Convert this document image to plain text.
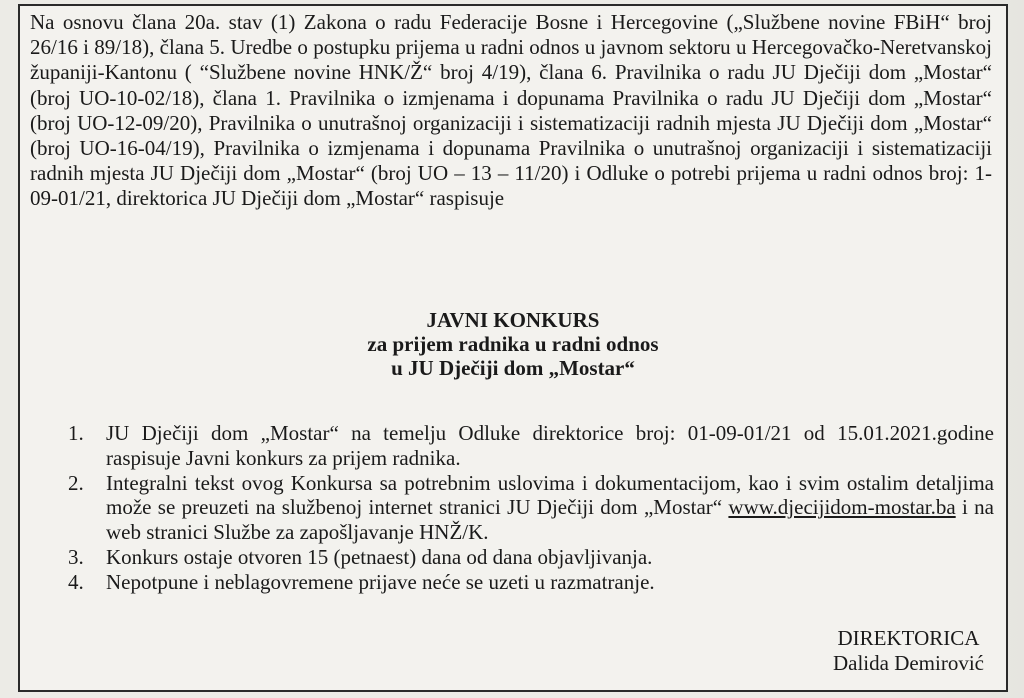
Na osnovu člana 20a. stav (1) Zakona o radu Federacije Bosne i Hercegovine („Službene novine FBiH“ broj 26/16 i 89/18), člana 5. Uredbe o postupku prijema u radni odnos u javnom sektoru u Hercegovačko-Neretvanskoj županiji-Kantonu ( “Službene novine HNK/Ž“ broj 4/19), člana 6. Pravilnika o radu JU Dječiji dom „Mostar“ (broj UO-10-02/18), člana 1. Pravilnika o izmjenama i dopunama Pravilnika o radu JU Dječiji dom „Mostar“ (broj UO-12-09/20), Pravilnika o unutrašnoj organizaciji i sistematizaciji radnih mjesta JU Dječiji dom „Mostar“ (broj UO-16-04/19), Pravilnika o izmjenama i dopunama Pravilnika o unutrašnoj organizaciji i sistematizaciji radnih mjesta JU Dječiji dom „Mostar“ (broj UO – 13 – 11/20) i Odluke o potrebi prijema u radni odnos broj: 1-09-01/21, direktorica JU Dječiji dom „Mostar“ raspisuje

JAVNI KONKURS
za prijem radnika u radni odnos
u JU Dječiji dom „Mostar“
1. JU Dječiji dom „Mostar“ na temelju Odluke direktorice broj: 01-09-01/21 od 15.01.2021.godine raspisuje Javni konkurs za prijem radnika.
2. Integralni tekst ovog Konkursa sa potrebnim uslovima i dokumentacijom, kao i svim ostalim detaljima može se preuzeti na službenoj internet stranici JU Dječiji dom „Mostar“ www.djecijidom-mostar.ba i na web stranici Službe za zapošljavanje HNŽ/K.
3. Konkurs ostaje otvoren 15 (petnaest) dana od dana objavljivanja.
4. Nepotpune i neblagovremene prijave neće se uzeti u razmatranje.
DIREKTORICA
Dalida Demirović
